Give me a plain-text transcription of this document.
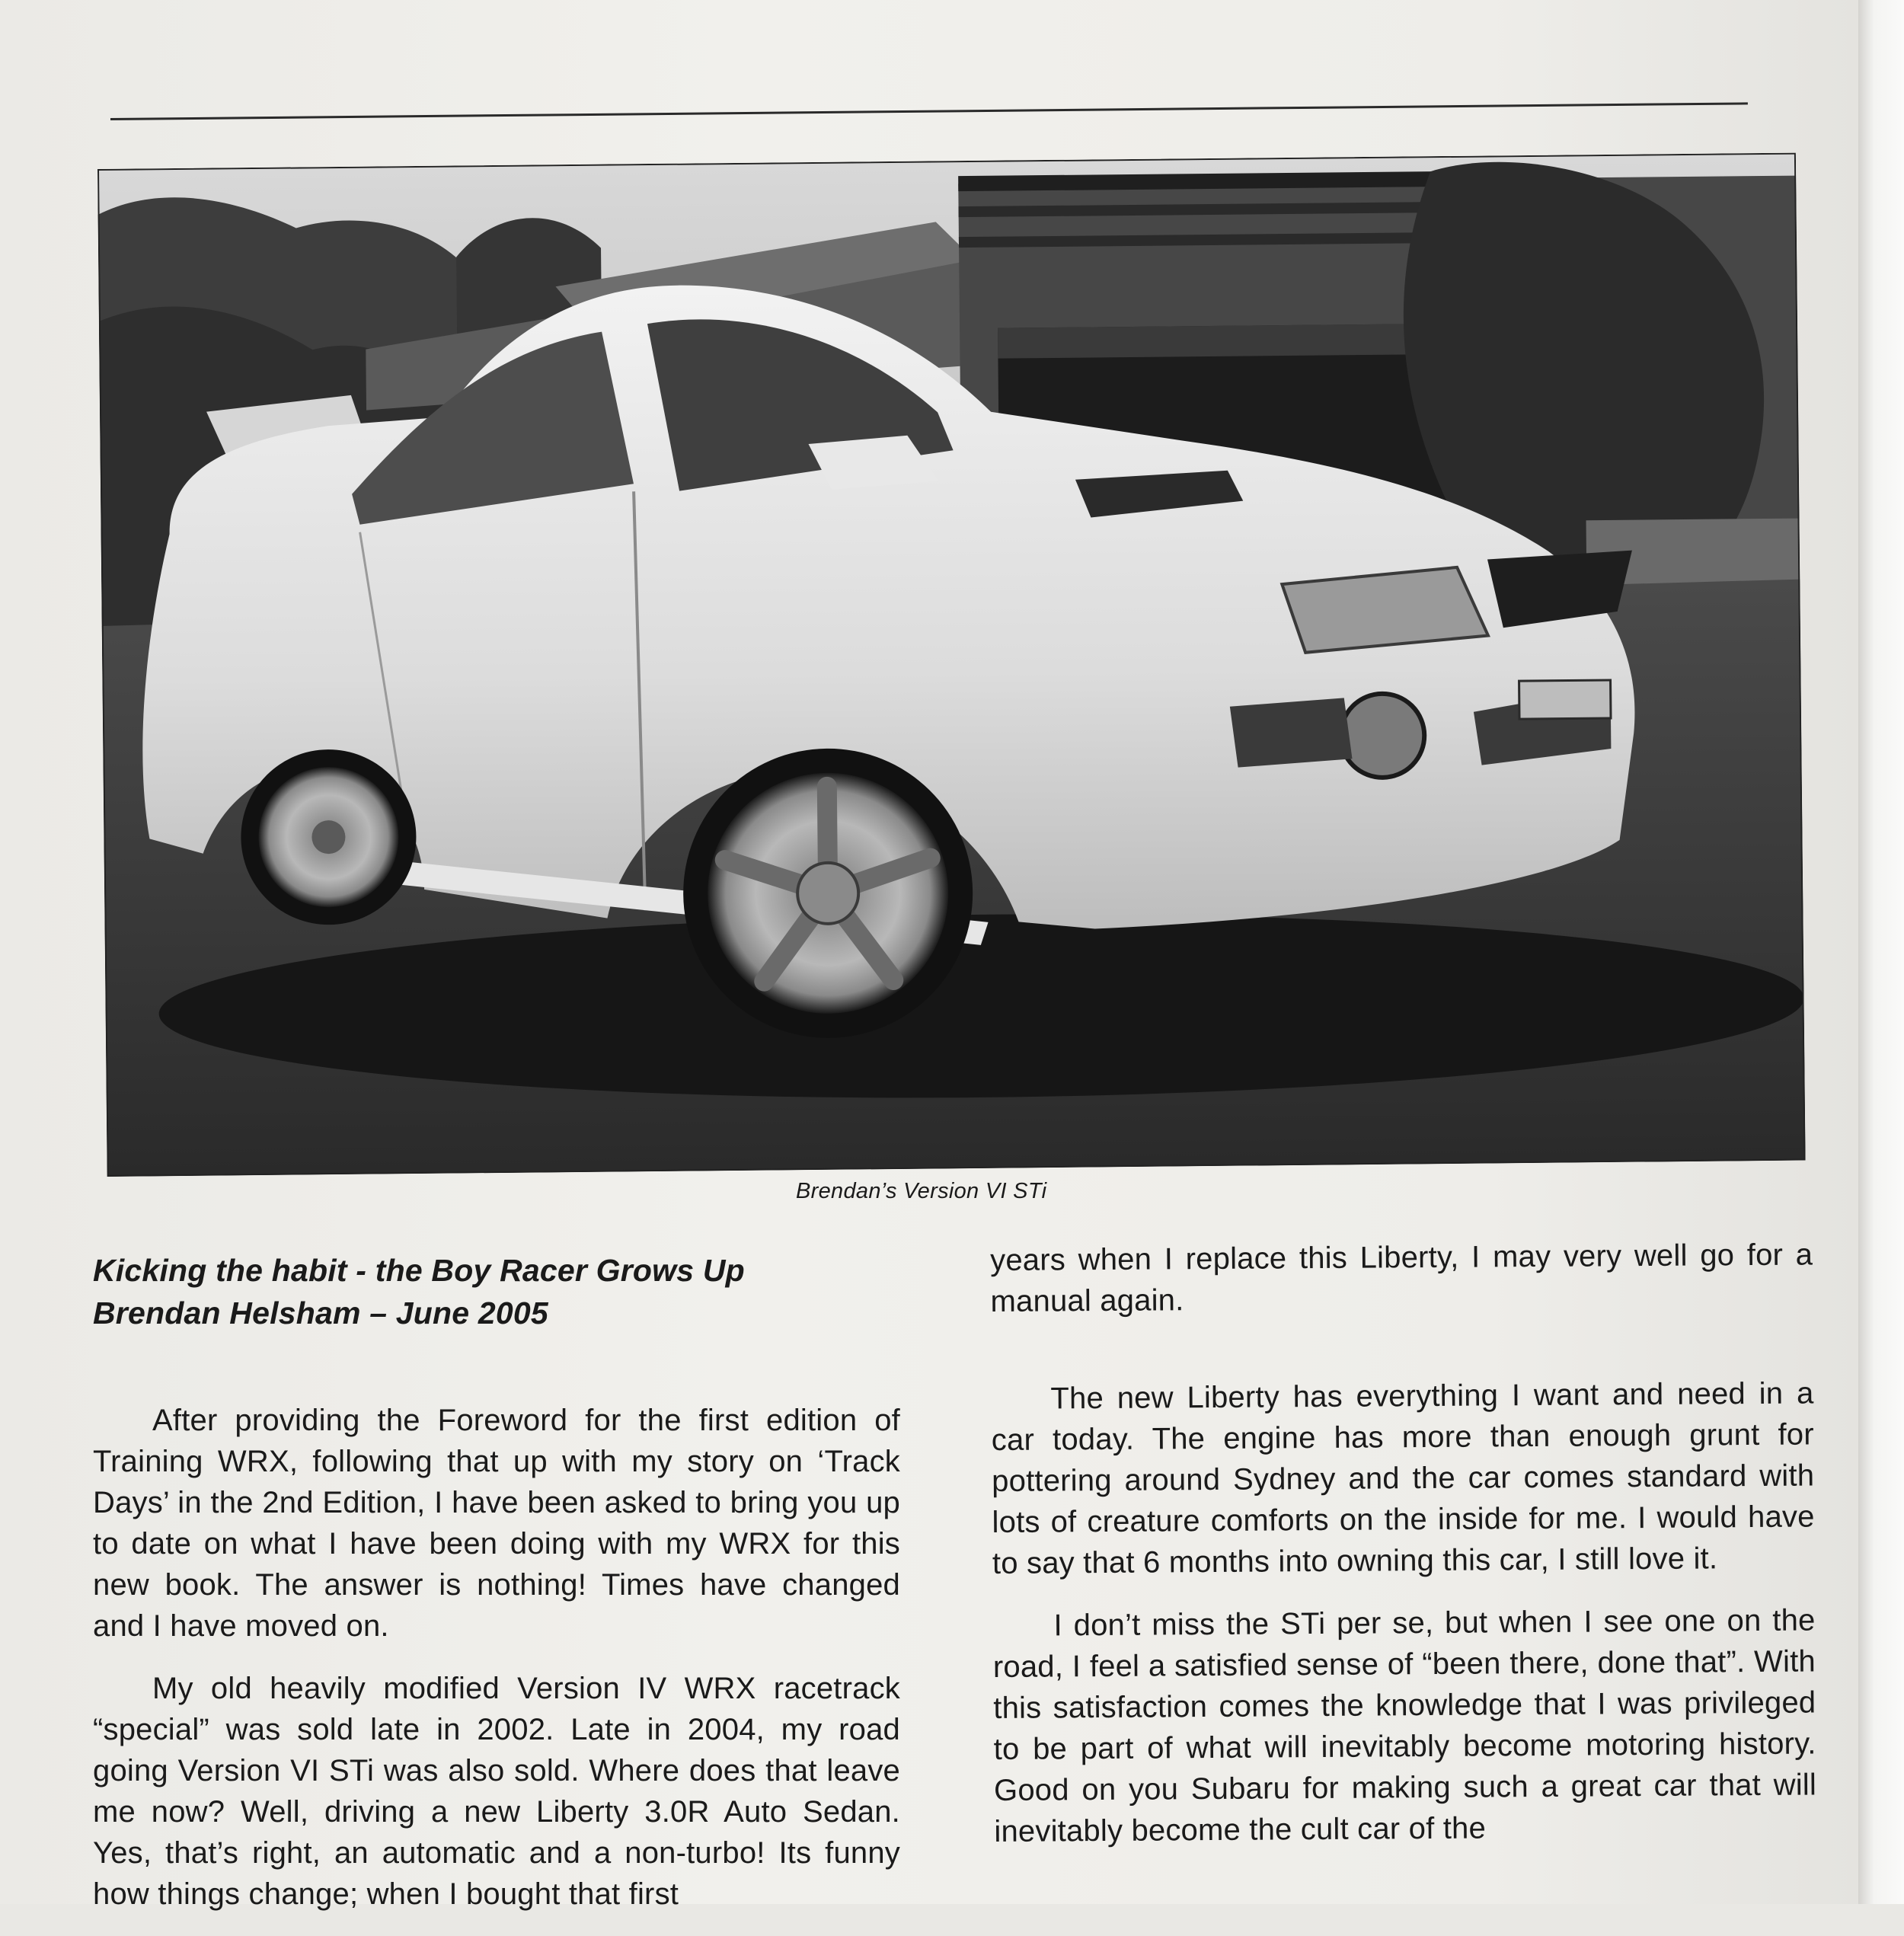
Brendan’s Version VI STi
Kicking the habit - the Boy Racer Grows Up
Brendan Helsham – June 2005

After providing the Foreword for the first edition of Training WRX, following that up with my story on ‘Track Days’ in the 2nd Edition, I have been asked to bring you up to date on what I have been doing with my WRX for this new book. The answer is nothing! Times have changed and I have moved on.

My old heavily modified Version IV WRX racetrack “special” was sold late in 2002. Late in 2004, my road going Version VI STi was also sold. Where does that leave me now? Well, driving a new Liberty 3.0R Auto Sedan. Yes, that’s right, an automatic and a non-turbo! Its funny how things change; when I bought that first

years when I replace this Liberty, I may very well go for a manual again.

The new Liberty has everything I want and need in a car today. The engine has more than enough grunt for pottering around Sydney and the car comes standard with lots of creature comforts on the inside for me. I would have to say that 6 months into owning this car, I still love it.

I don’t miss the STi per se, but when I see one on the road, I feel a satisfied sense of “been there, done that”. With this satisfaction comes the knowledge that I was privileged to be part of what will inevitably become motoring history. Good on you Subaru for making such a great car that will inevitably become the cult car of the
